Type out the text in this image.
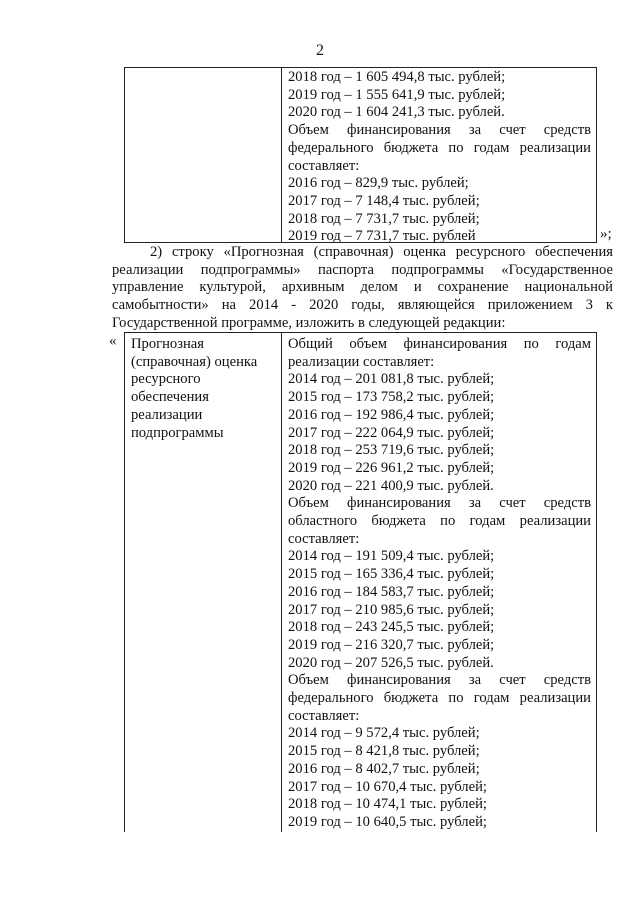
2
2018 год – 1 605 494,8 тыс. рублей;
2019 год – 1 555 641,9 тыс. рублей;
2020 год – 1 604 241,3 тыс. рублей.
Объем финансирования за счет средств
федерального бюджета по годам реализации
составляет:
2016 год – 829,9 тыс. рублей;
2017 год – 7 148,4 тыс. рублей;
2018 год – 7 731,7 тыс. рублей;
2019 год – 7 731,7 тыс. рублей	»;
2) строку «Прогнозная (справочная) оценка ресурсного обеспечения
реализации подпрограммы» паспорта подпрограммы «Государственное
управление культурой, архивным делом и сохранение национальной
самобытности» на 2014 - 2020 годы, являющейся приложением 3 к
Государственной программе, изложить в следующей редакции:
« Прогнозная
(справочная) оценка
ресурсного
обеспечения
реализации
подпрограммы
Общий объем финансирования по годам
реализации составляет:
2014 год – 201 081,8 тыс. рублей;
2015 год – 173 758,2 тыс. рублей;
2016 год – 192 986,4 тыс. рублей;
2017 год – 222 064,9 тыс. рублей;
2018 год – 253 719,6 тыс. рублей;
2019 год – 226 961,2 тыс. рублей;
2020 год – 221 400,9 тыс. рублей.
Объем финансирования за счет средств
областного бюджета по годам реализации
составляет:
2014 год – 191 509,4 тыс. рублей;
2015 год – 165 336,4 тыс. рублей;
2016 год – 184 583,7 тыс. рублей;
2017 год – 210 985,6 тыс. рублей;
2018 год – 243 245,5 тыс. рублей;
2019 год – 216 320,7 тыс. рублей;
2020 год – 207 526,5 тыс. рублей.
Объем финансирования за счет средств
федерального бюджета по годам реализации
составляет:
2014 год – 9 572,4 тыс. рублей;
2015 год – 8 421,8 тыс. рублей;
2016 год – 8 402,7 тыс. рублей;
2017 год – 10 670,4 тыс. рублей;
2018 год – 10 474,1 тыс. рублей;
2019 год – 10 640,5 тыс. рублей;
